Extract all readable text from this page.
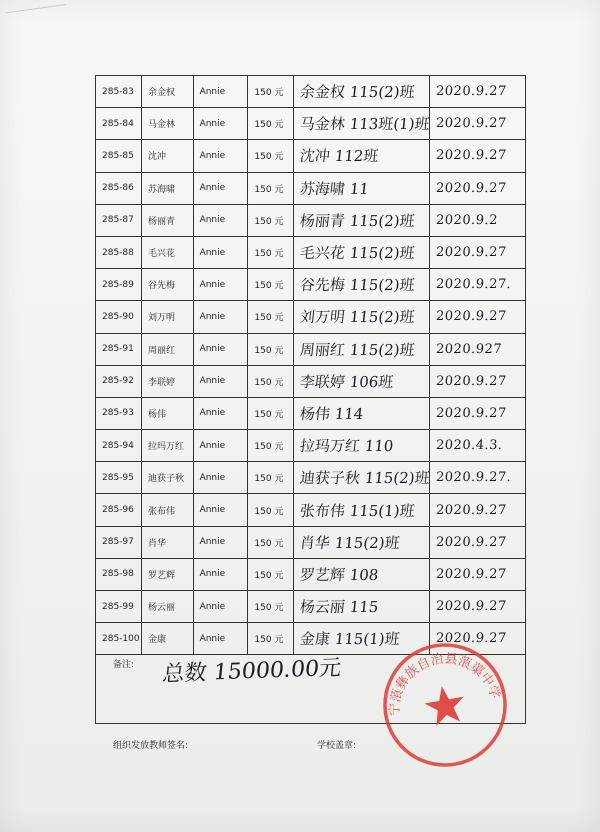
285-83	余金权	Annie	150 元	余金权 115(2)班	2020.9.27
285-84	马金林	Annie	150 元	马金林 113班(1)班	2020.9.27
285-85	沈冲	Annie	150 元	沈冲 112班	2020.9.27
285-86	苏海啸	Annie	150 元	苏海啸 11	2020.9.27
285-87	杨丽青	Annie	150 元	杨丽青 115(2)班	2020.9.2
285-88	毛兴花	Annie	150 元	毛兴花 115(2)班	2020.9.27
285-89	谷先梅	Annie	150 元	谷先梅 115(2)班	2020.9.27.
285-90	刘万明	Annie	150 元	刘万明 115(2)班	2020.9.27
285-91	周丽红	Annie	150 元	周丽红 115(2)班	2020.927
285-92	李联婷	Annie	150 元	李联婷 106班	2020.9.27
285-93	杨伟	Annie	150 元	杨伟 114	2020.9.27
285-94	拉玛万红	Annie	150 元	拉玛万红 110	2020.4.3.
285-95	迪获子秋	Annie	150 元	迪获子秋 115(2)班	2020.9.27.
285-96	张布伟	Annie	150 元	张布伟 115(1)班	2020.9.27
285-97	肖华	Annie	150 元	肖华 115(2)班	2020.9.27
285-98	罗艺辉	Annie	150 元	罗艺辉 108	2020.9.27
285-99	杨云丽	Annie	150 元	杨云丽 115	2020.9.27
285-100	金康	Annie	150 元	金康 115(1)班	2020.9.27
备注: 总数 15000.00元
组织发放教师签名:	学校盖章:
宁蒗彝族自治县蒗蕖中学
